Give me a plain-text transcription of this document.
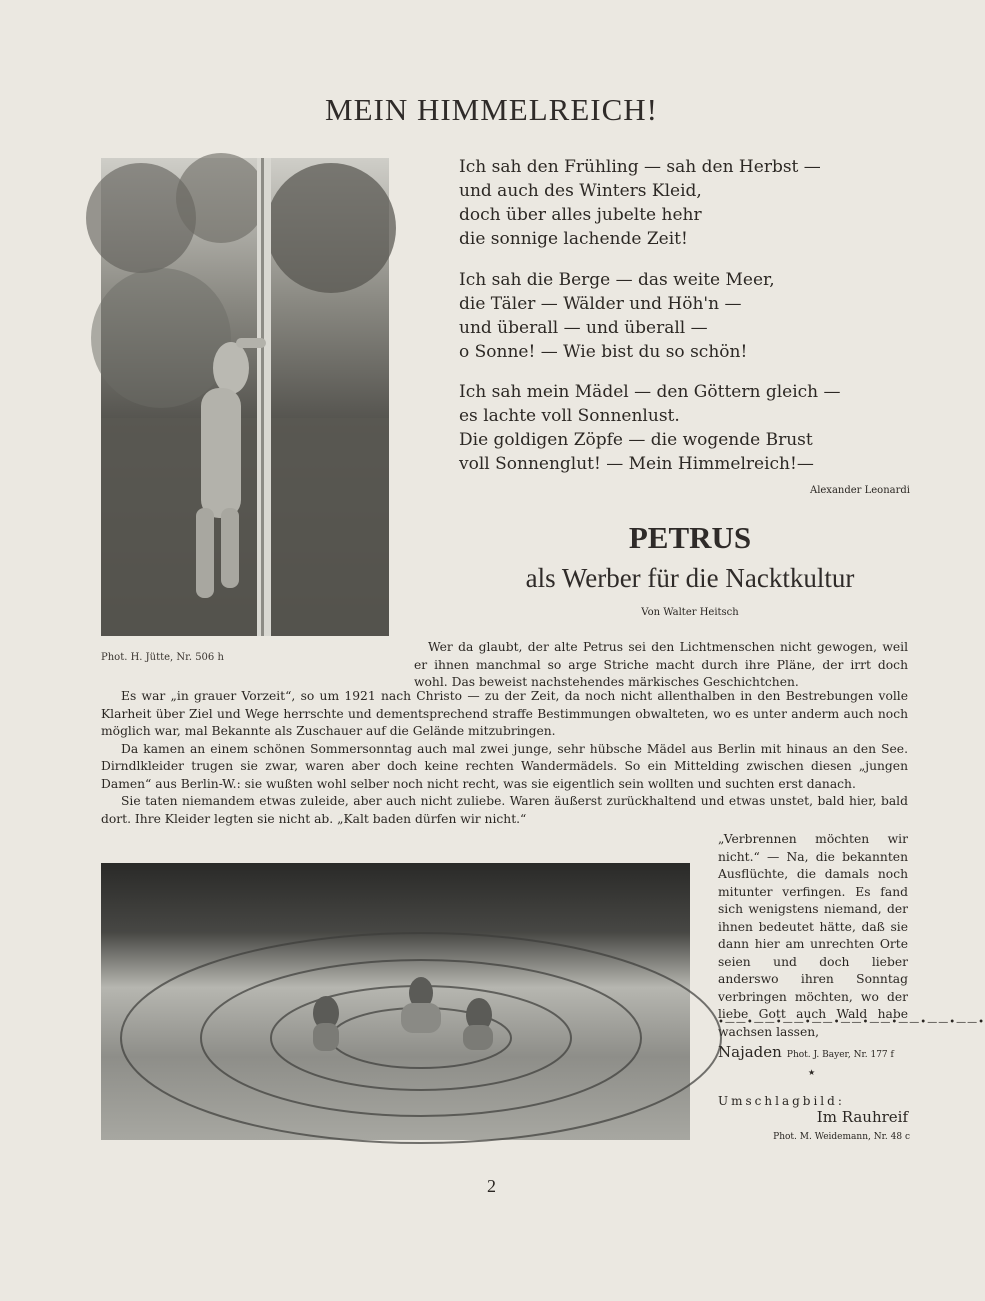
MEIN HIMMELREICH!
Phot. H. Jütte, Nr. 506 h
Ich sah den Frühling — sah den Herbst —
und auch des Winters Kleid,
doch über alles jubelte hehr
die sonnige lachende Zeit!
Ich sah die Berge — das weite Meer,
die Täler — Wälder und Höh'n —
und überall — und überall —
o Sonne! — Wie bist du so schön!
Ich sah mein Mädel — den Göttern gleich —
es lachte voll Sonnenlust.
Die goldigen Zöpfe — die wogende Brust
voll Sonnenglut! — Mein Himmelreich!—
Alexander Leonardi
PETRUS
als Werber für die Nacktkultur
Von Walter Heitsch
Wer da glaubt, der alte Petrus sei den Lichtmenschen nicht gewogen, weil er ihnen manchmal so arge Striche macht durch ihre Pläne, der irrt doch wohl. Das beweist nachstehendes märkisches Geschichtchen.

Es war „in grauer Vorzeit“, so um 1921 nach Christo — zu der Zeit, da noch nicht allenthalben in den Bestrebungen volle Klarheit über Ziel und Wege herrschte und dementsprechend straffe Bestimmungen obwalteten, wo es unter anderm auch noch möglich war, mal Bekannte als Zuschauer auf die Gelände mitzubringen.

Da kamen an einem schönen Sommersonntag auch mal zwei junge, sehr hübsche Mädel aus Berlin mit hinaus an den See. Dirndlkleider trugen sie zwar, waren aber doch keine rechten Wandermädels. So ein Mittelding zwischen diesen „jungen Damen“ aus Berlin-W.: sie wußten wohl selber noch nicht recht, was sie eigentlich sein wollten und suchten erst danach.

Sie taten niemandem etwas zuleide, aber auch nicht zuliebe. Waren äußerst zurückhaltend und etwas unstet, bald hier, bald dort. Ihre Kleider legten sie nicht ab. „Kalt baden dürfen wir nicht.“

„Verbrennen möchten wir nicht.“ — Na, die bekannten Ausflüchte, die damals noch mitunter verfingen. Es fand sich wenigstens niemand, der ihnen bedeutet hätte, daß sie dann hier am unrechten Orte seien und doch lieber anderswo ihren Sonntag verbringen möchten, wo der liebe Gott auch Wald habe wachsen lassen,
•——•——•——•——•——•——•——•——•——•
Najaden Phot. J. Bayer, Nr. 177 f
★
Umschlagbild:
Im Rauhreif
Phot. M. Weidemann, Nr. 48 c
2
